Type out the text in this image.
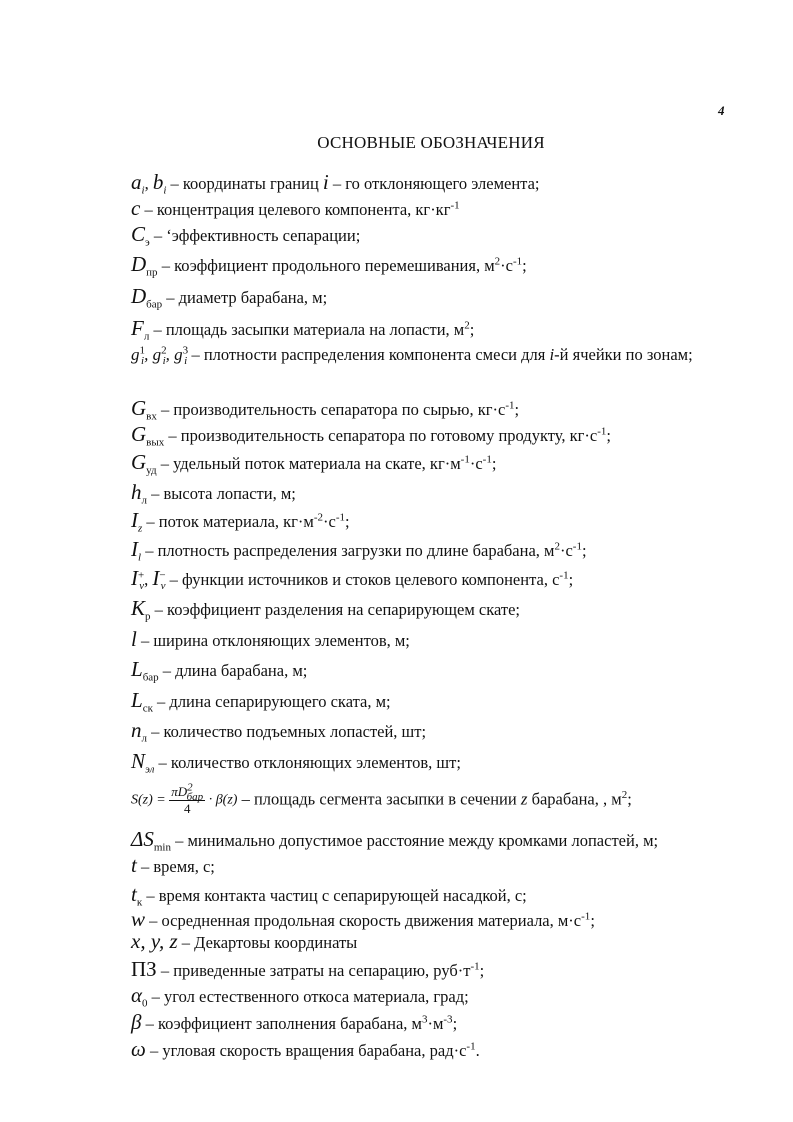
4
ОСНОВНЫЕ ОБОЗНАЧЕНИЯ
$a_i$, $b_i$ – координаты границ i – го отклоняющего элемента;
c – концентрация целевого компонента, $кг\cdot кг^{-1}$
$C_э$ – ‘эффективность сепарации;
$D_{пр}$ – коэффициент продольного перемешивания, $м^2\cdot с^{-1}$;
$D_{бар}$ – диаметр барабана, м;
$F_л$ – площадь засыпки материала на лопасти, $м^2$;
$g^1_i$, $g^2_i$, $g^3_i$ – плотности распределения компонента смеси для i-й ячейки по зонам;
$G_{вх}$ – производительность сепаратора по сырью, $кг\cdot с^{-1}$;
$G_{вых}$ – производительность сепаратора по готовому продукту, $кг\cdot с^{-1}$;
$G_{уд}$ – удельный поток материала на скате, $кг\cdot м^{-1}\cdot с^{-1}$;
$h_л$ – высота лопасти, м;
$I_z$ – поток материала, $кг\cdot м^{-2}\cdot с^{-1}$;
$I_l$ – плотность распределения загрузки по длине барабана, $м^2\cdot с^{-1}$;
$I^+_v$, $I^-_v$ – функции источников и стоков целевого компонента, $с^{-1}$;
$K_р$ – коэффициент разделения на сепарирующем скате;
l – ширина отклоняющих элементов, м;
$L_{бар}$ – длина барабана, м;
$L_{ск}$ – длина сепарирующего ската, м;
$n_л$ – количество подъемных лопастей, шт;
$N_{эл}$ – количество отклоняющих элементов, шт;
$S(z) = \frac{\pi D^2_{бар}}{4} \cdot \beta(z)$ – площадь сегмента засыпки в сечении z барабана, , $м^2$;
$\Delta S_{min}$ – минимально допустимое расстояние между кромками лопастей, м;
t – время, с;
$t_к$ – время контакта частиц с сепарирующей насадкой, с;
w – осредненная продольная скорость движения материала, $м\cdot с^{-1}$;
x, y, z – Декартовы координаты
ПЗ – приведенные затраты на сепарацию, $руб\cdot т^{-1}$;
$\alpha_0$ – угол естественного откоса материала, град;
β – коэффициент заполнения барабана, $м^3\cdot м^{-3}$;
ω – угловая скорость вращения барабана, $рад\cdot с^{-1}$.
